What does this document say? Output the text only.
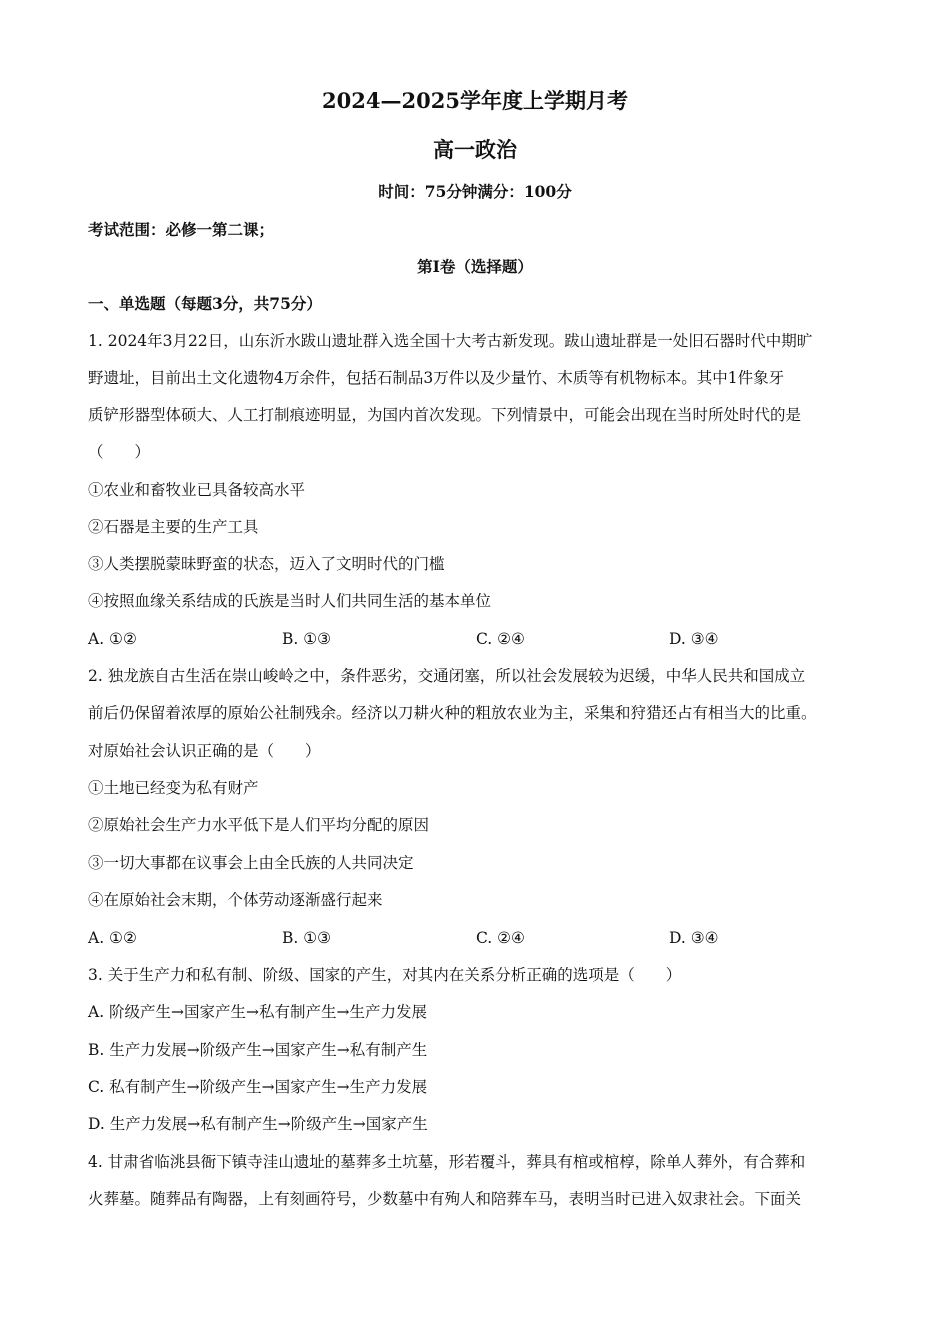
2024—2025学年度上学期月考
高一政治
时间：75分钟满分：100分
考试范围：必修一第二课；
第I卷（选择题）
一、单选题（每题3分，共75分）
1. 2024年3月22日，山东沂水跋山遗址群入选全国十大考古新发现。跋山遗址群是一处旧石器时代中期旷
野遗址，目前出土文化遗物4万余件，包括石制品3万件以及少量竹、木质等有机物标本。其中1件象牙
质铲形器型体硕大、人工打制痕迹明显，为国内首次发现。下列情景中，可能会出现在当时所处时代的是
（　　）
①农业和畜牧业已具备较高水平
②石器是主要的生产工具
③人类摆脱蒙昧野蛮的状态，迈入了文明时代的门槛
④按照血缘关系结成的氏族是当时人们共同生活的基本单位
A. ①②	B. ①③	C. ②④	D. ③④
2. 独龙族自古生活在崇山峻岭之中，条件恶劣，交通闭塞，所以社会发展较为迟缓，中华人民共和国成立
前后仍保留着浓厚的原始公社制残余。经济以刀耕火种的粗放农业为主，采集和狩猎还占有相当大的比重。
对原始社会认识正确的是（　　）
①土地已经变为私有财产
②原始社会生产力水平低下是人们平均分配的原因
③一切大事都在议事会上由全氏族的人共同决定
④在原始社会末期，个体劳动逐渐盛行起来
A. ①②	B. ①③	C. ②④	D. ③④
3. 关于生产力和私有制、阶级、国家的产生，对其内在关系分析正确的选项是（　　）
A. 阶级产生→国家产生→私有制产生→生产力发展
B. 生产力发展→阶级产生→国家产生→私有制产生
C. 私有制产生→阶级产生→国家产生→生产力发展
D. 生产力发展→私有制产生→阶级产生→国家产生
4. 甘肃省临洮县衙下镇寺洼山遗址的墓葬多土坑墓，形若覆斗，葬具有棺或棺椁，除单人葬外，有合葬和
火葬墓。随葬品有陶器，上有刻画符号，少数墓中有殉人和陪葬车马，表明当时已进入奴隶社会。下面关
